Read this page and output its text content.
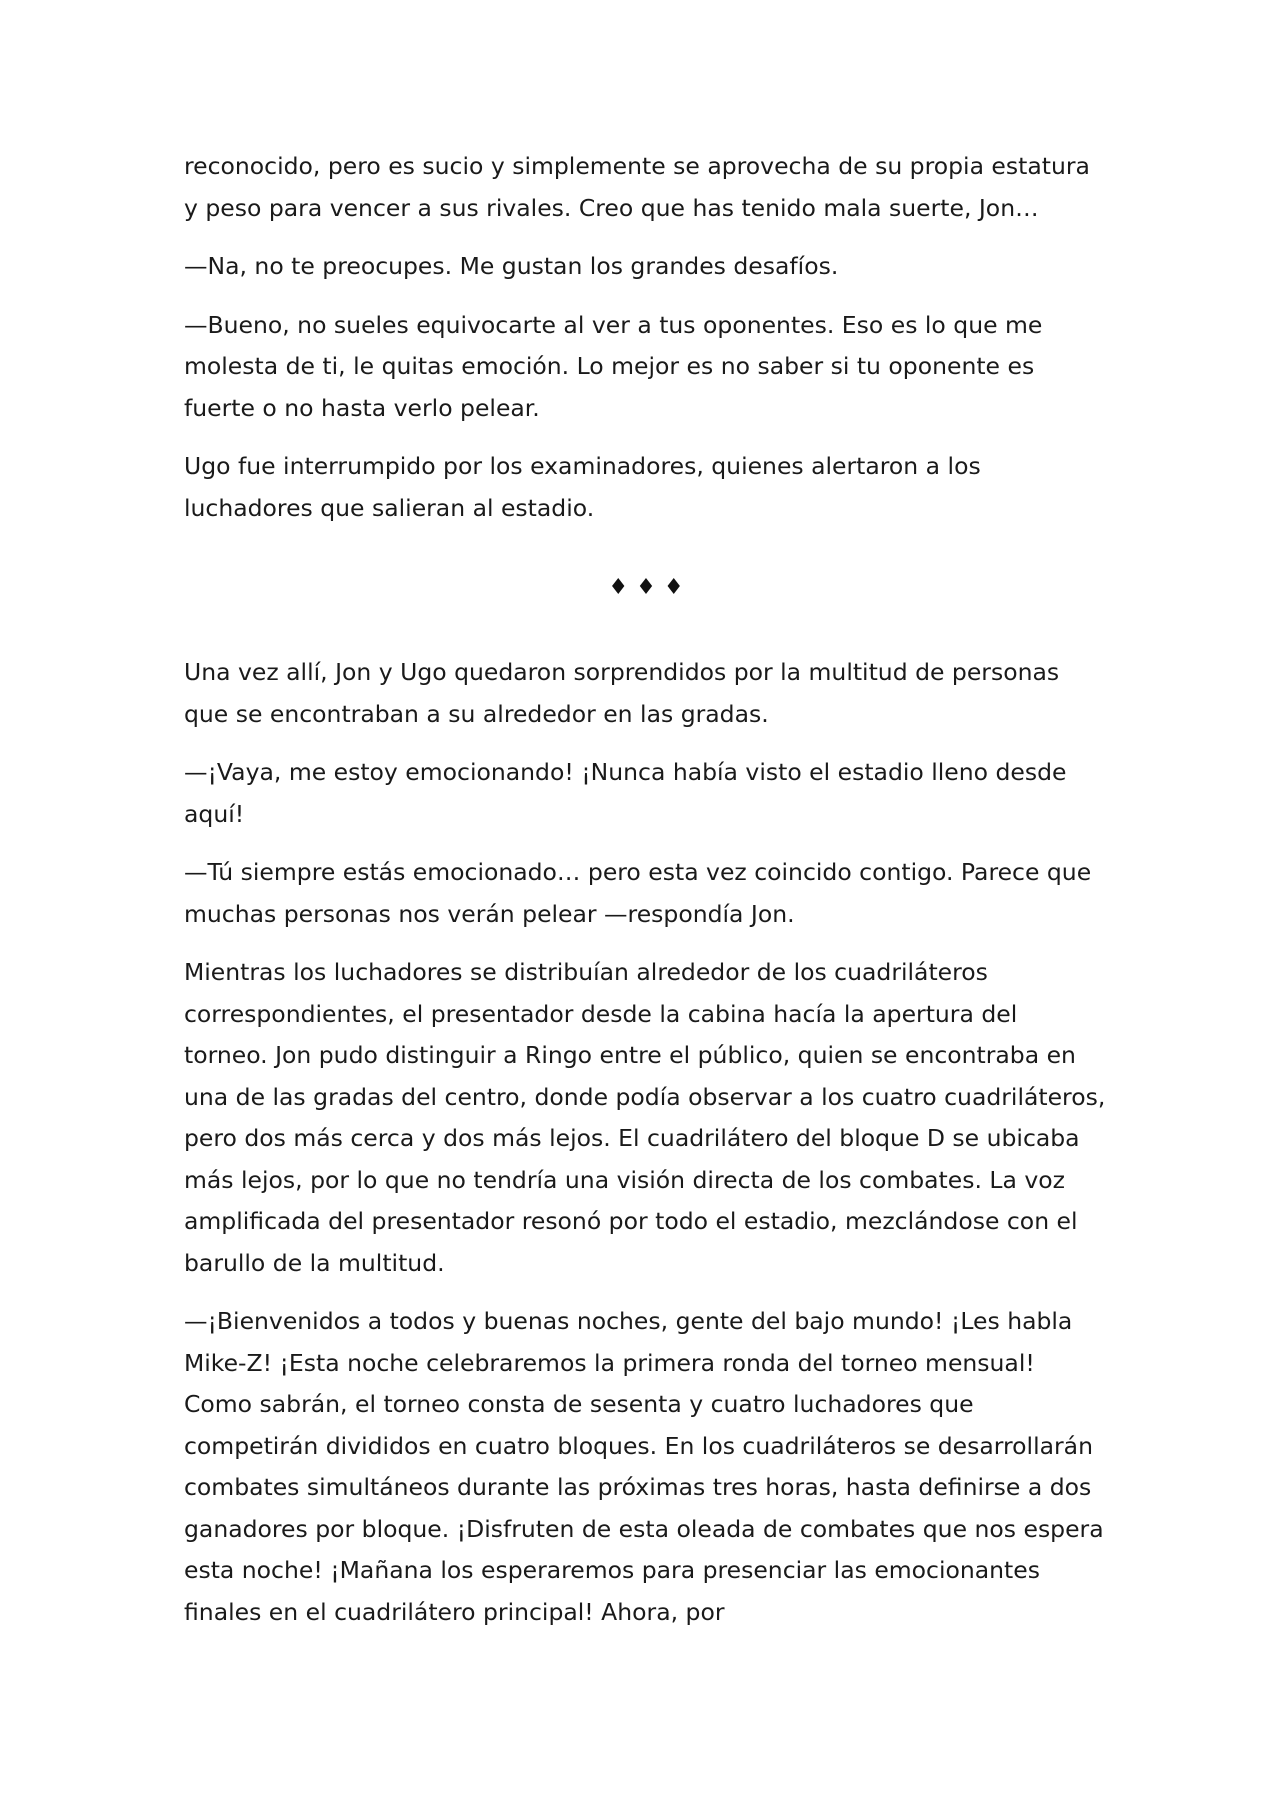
reconocido, pero es sucio y simplemente se aprovecha de su propia estatura y peso para vencer a sus rivales. Creo que has tenido mala suerte, Jon…

—Na, no te preocupes. Me gustan los grandes desafíos.

—Bueno, no sueles equivocarte al ver a tus oponentes. Eso es lo que me molesta de ti, le quitas emoción. Lo mejor es no saber si tu oponente es fuerte o no hasta verlo pelear.

Ugo fue interrumpido por los examinadores, quienes alertaron a los luchadores que salieran al estadio.

♦♦♦

Una vez allí, Jon y Ugo quedaron sorprendidos por la multitud de personas que se encontraban a su alrededor en las gradas.

—¡Vaya, me estoy emocionando! ¡Nunca había visto el estadio lleno desde aquí!

—Tú siempre estás emocionado… pero esta vez coincido contigo. Parece que muchas personas nos verán pelear —respondía Jon.

Mientras los luchadores se distribuían alrededor de los cuadriláteros correspondientes, el presentador desde la cabina hacía la apertura del torneo. Jon pudo distinguir a Ringo entre el público, quien se encontraba en una de las gradas del centro, donde podía observar a los cuatro cuadriláteros, pero dos más cerca y dos más lejos. El cuadrilátero del bloque D se ubicaba más lejos, por lo que no tendría una visión directa de los combates. La voz amplificada del presentador resonó por todo el estadio, mezclándose con el barullo de la multitud.

—¡Bienvenidos a todos y buenas noches, gente del bajo mundo! ¡Les habla Mike-Z! ¡Esta noche celebraremos la primera ronda del torneo mensual! Como sabrán, el torneo consta de sesenta y cuatro luchadores que competirán divididos en cuatro bloques. En los cuadriláteros se desarrollarán combates simultáneos durante las próximas tres horas, hasta definirse a dos ganadores por bloque. ¡Disfruten de esta oleada de combates que nos espera esta noche! ¡Mañana los esperaremos para presenciar las emocionantes finales en el cuadrilátero principal! Ahora, por
